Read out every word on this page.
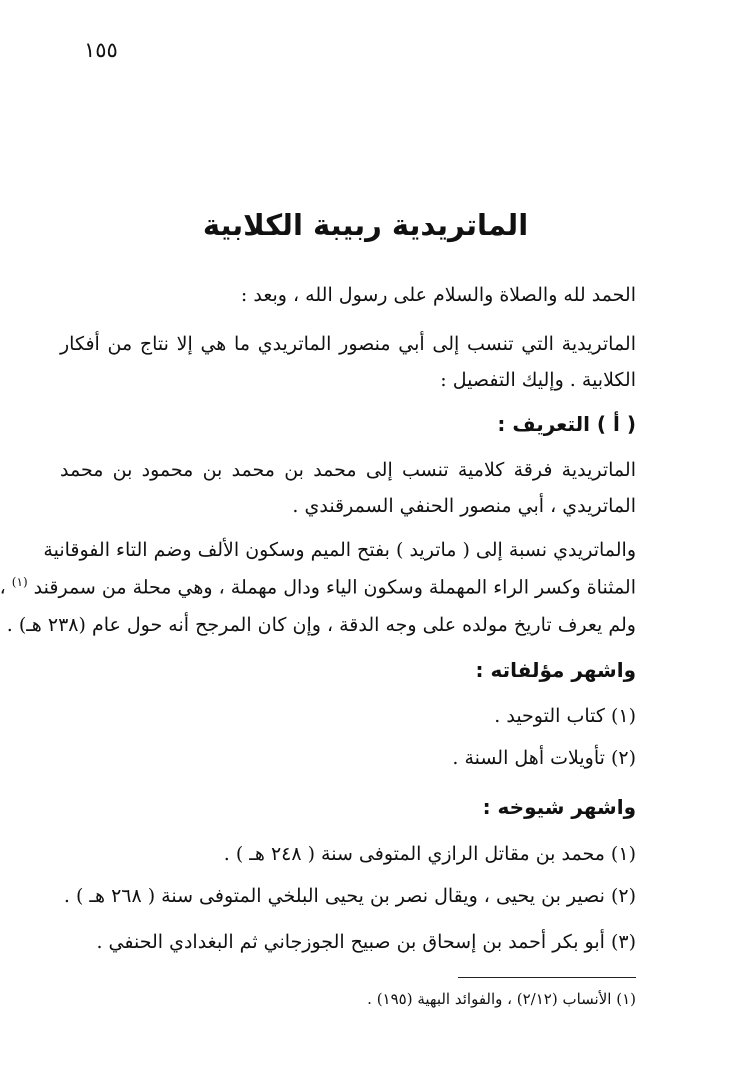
١٥٥
الماتريدية ربيبة الكلابية
الحمد لله والصلاة والسلام على رسول الله ، وبعد :
الماتريدية التي تنسب إلى أبي منصور الماتريدي ما هي إلا نتاج من أفكار
الكلابية . وإليك التفصيل :
( أ ) التعريف :
الماتريدية فرقة كلامية تنسب إلى محمد بن محمد بن محمود بن محمد
الماتريدي ، أبي منصور الحنفي السمرقندي .
والماتريدي نسبة إلى ( ماتريد ) بفتح الميم وسكون الألف وضم التاء الفوقانية
المثناة وكسر الراء المهملة وسكون الياء ودال مهملة ، وهي محلة من سمرقند $^{(١)}$ ،
ولم يعرف تاريخ مولده على وجه الدقة ، وإن كان المرجح أنه حول عام (٢٣٨ هـ) .
واشهر مؤلفاته :
(١) كتاب التوحيد .
(٢) تأويلات أهل السنة .
واشهر شيوخه :
(١) محمد بن مقاتل الرازي المتوفى سنة ( ٢٤٨ هـ ) .
(٢) نصير بن يحيى ، ويقال نصر بن يحيى البلخي المتوفى سنة ( ٢٦٨ هـ ) .
(٣) أبو بكر أحمد بن إسحاق بن صبيح الجوزجاني ثم البغدادي الحنفي .
(١) الأنساب (٢/١٢) ، والفوائد البهية (١٩٥) .
